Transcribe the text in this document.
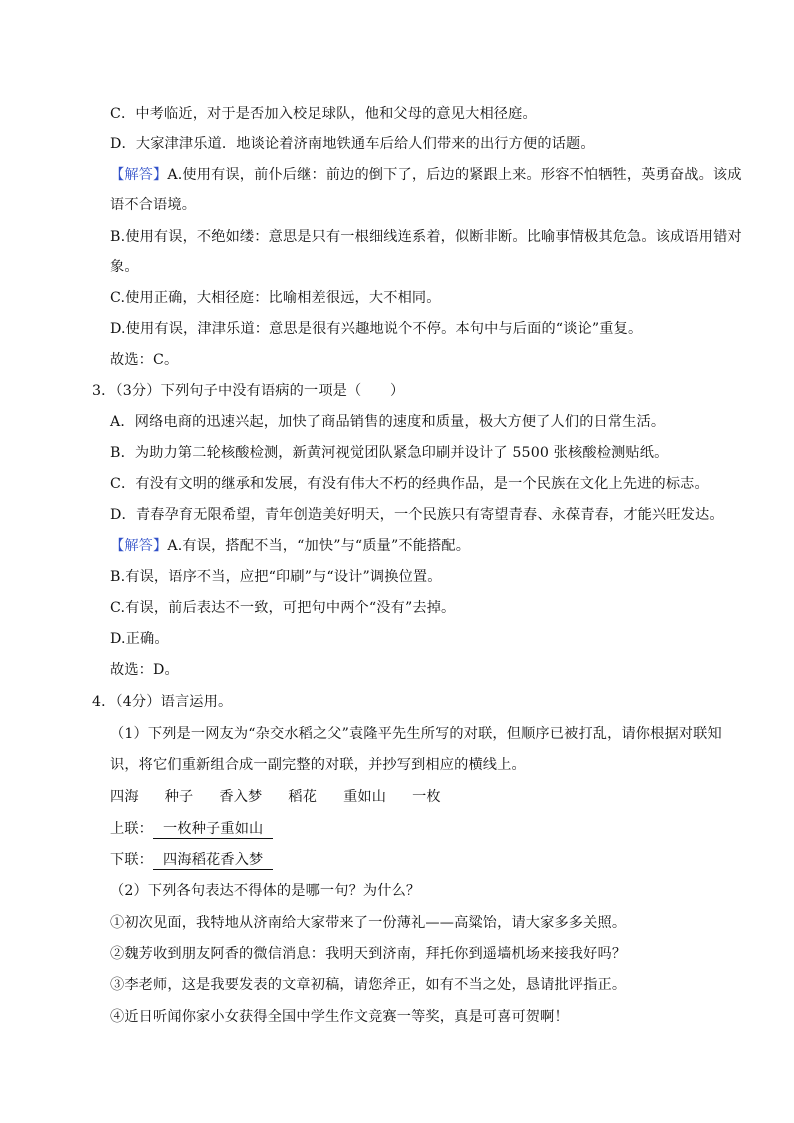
C．中考临近，对于是否加入校足球队，他和父母的意见大相径庭。
D．大家津津乐道．地谈论着济南地铁通车后给人们带来的出行方便的话题。
【解答】A.使用有误，前仆后继：前边的倒下了，后边的紧跟上来。形容不怕牺牲，英勇奋战。该成
语不合语境。
B.使用有误，不绝如缕：意思是只有一根细线连系着，似断非断。比喻事情极其危急。该成语用错对
象。
C.使用正确，大相径庭：比喻相差很远，大不相同。
D.使用有误，津津乐道：意思是很有兴趣地说个不停。本句中与后面的“谈论”重复。
故选：C。
3．（3分）下列句子中没有语病的一项是（　　）
A．网络电商的迅速兴起，加快了商品销售的速度和质量，极大方便了人们的日常生活。
B．为助力第二轮核酸检测，新黄河视觉团队紧急印刷并设计了 5500 张核酸检测贴纸。
C．有没有文明的继承和发展，有没有伟大不朽的经典作品，是一个民族在文化上先进的标志。
D．青春孕育无限希望，青年创造美好明天，一个民族只有寄望青春、永葆青春，才能兴旺发达。
【解答】A.有误，搭配不当，“加快”与“质量”不能搭配。
B.有误，语序不当，应把“印刷”与“设计”调换位置。
C.有误，前后表达不一致，可把句中两个“没有”去掉。
D.正确。
故选：D。
4．（4分）语言运用。
（1）下列是一网友为“杂交水稻之父”袁隆平先生所写的对联，但顺序已被打乱，请你根据对联知
识，将它们重新组合成一副完整的对联，并抄写到相应的横线上。
四海 种子 香入梦 稻花 重如山 一枚
上联： 一枚种子重如山
下联： 四海稻花香入梦
（2）下列各句表达不得体的是哪一句？为什么？
①初次见面，我特地从济南给大家带来了一份薄礼——高粱饴，请大家多多关照。
②魏芳收到朋友阿香的微信消息：我明天到济南，拜托你到遥墙机场来接我好吗？
③李老师，这是我要发表的文章初稿，请您斧正，如有不当之处，恳请批评指正。
④近日听闻你家小女获得全国中学生作文竞赛一等奖，真是可喜可贺啊！
